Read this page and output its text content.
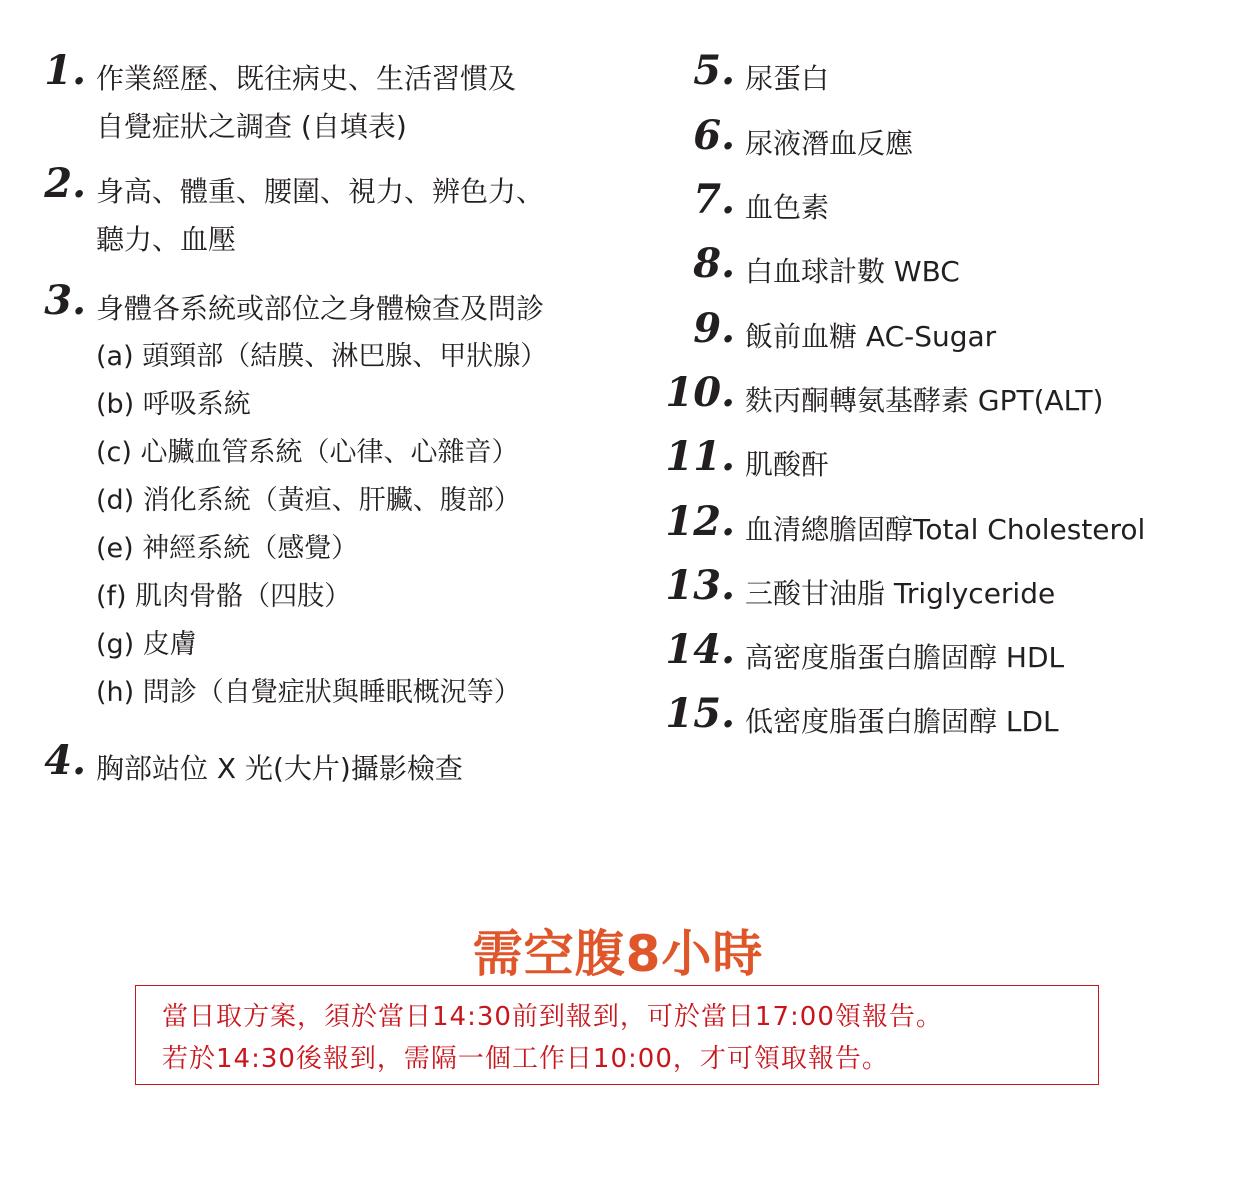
1. 作業經歷、既往病史、生活習慣及
自覺症狀之調查 (自填表)
2. 身高、體重、腰圍、視力、辨色力、
聽力、血壓
3. 身體各系統或部位之身體檢查及問診
(a) 頭頸部（結膜、淋巴腺、甲狀腺）
(b) 呼吸系統
(c) 心臟血管系統（心律、心雜音）
(d) 消化系統（黃疸、肝臟、腹部）
(e) 神經系統（感覺）
(f) 肌肉骨骼（四肢）
(g) 皮膚
(h) 問診（自覺症狀與睡眠概況等）
4. 胸部站位 X 光(大片)攝影檢查
5. 尿蛋白
6. 尿液潛血反應
7. 血色素
8. 白血球計數 WBC
9. 飯前血糖 AC-Sugar
10. 麩丙酮轉氨基酵素 GPT(ALT)
11. 肌酸酐
12. 血清總膽固醇Total Cholesterol
13. 三酸甘油脂 Triglyceride
14. 高密度脂蛋白膽固醇 HDL
15. 低密度脂蛋白膽固醇 LDL
需空腹8小時
當日取方案，須於當日14:30前到報到，可於當日17:00領報告。
若於14:30後報到，需隔一個工作日10:00，才可領取報告。
